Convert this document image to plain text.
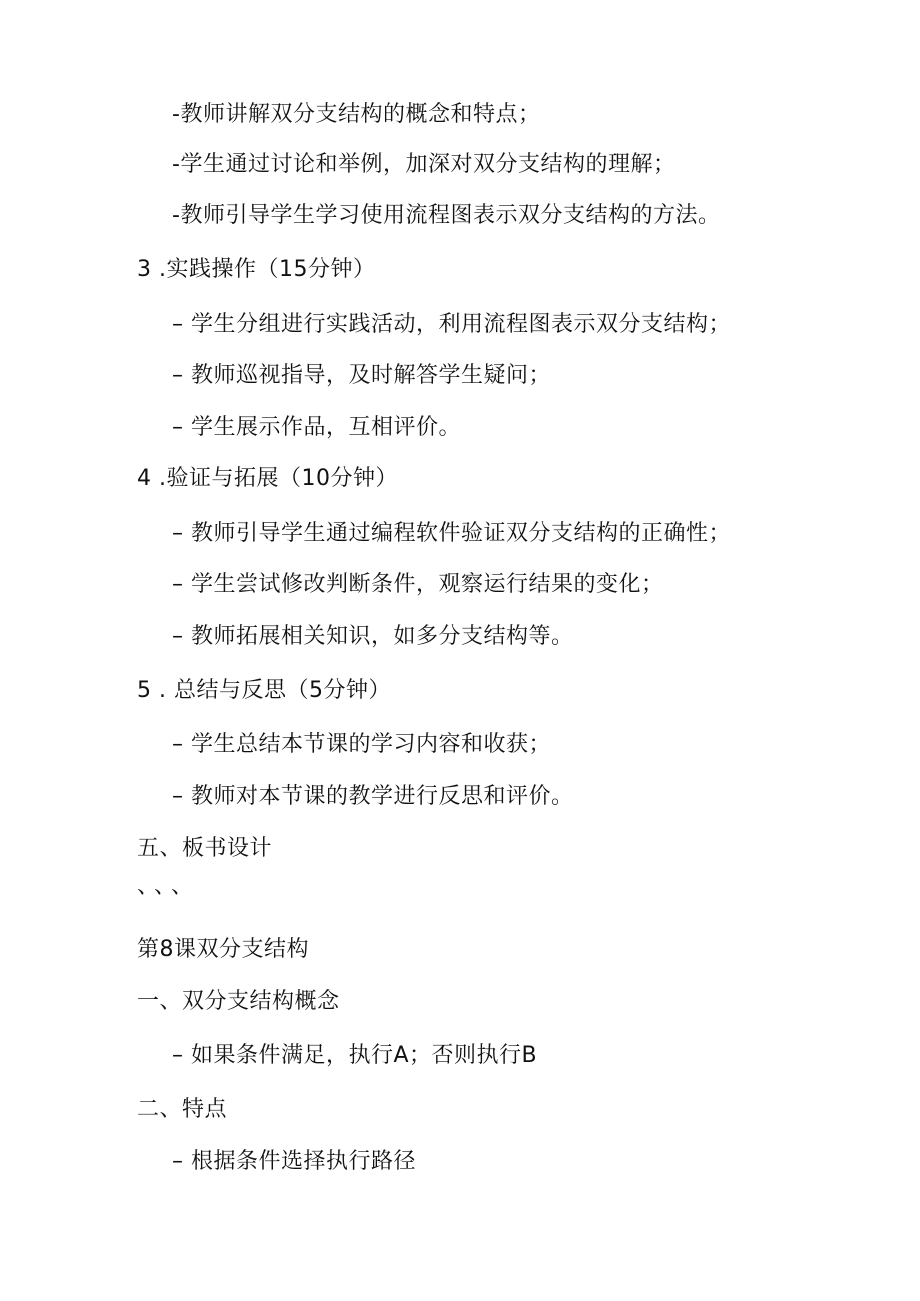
-教师讲解双分支结构的概念和特点；
-学生通过讨论和举例，加深对双分支结构的理解；
-教师引导学生学习使用流程图表示双分支结构的方法。
3 .实践操作（15分钟）
– 学生分组进行实践活动，利用流程图表示双分支结构；
– 教师巡视指导，及时解答学生疑问；
– 学生展示作品，互相评价。
4 .验证与拓展（10分钟）
– 教师引导学生通过编程软件验证双分支结构的正确性；
– 学生尝试修改判断条件，观察运行结果的变化；
– 教师拓展相关知识，如多分支结构等。
5 . 总结与反思（5分钟）
– 学生总结本节课的学习内容和收获；
– 教师对本节课的教学进行反思和评价。
五、板书设计
、、、
第8课双分支结构
一、双分支结构概念
– 如果条件满足，执行A；否则执行B
二、特点
– 根据条件选择执行路径
